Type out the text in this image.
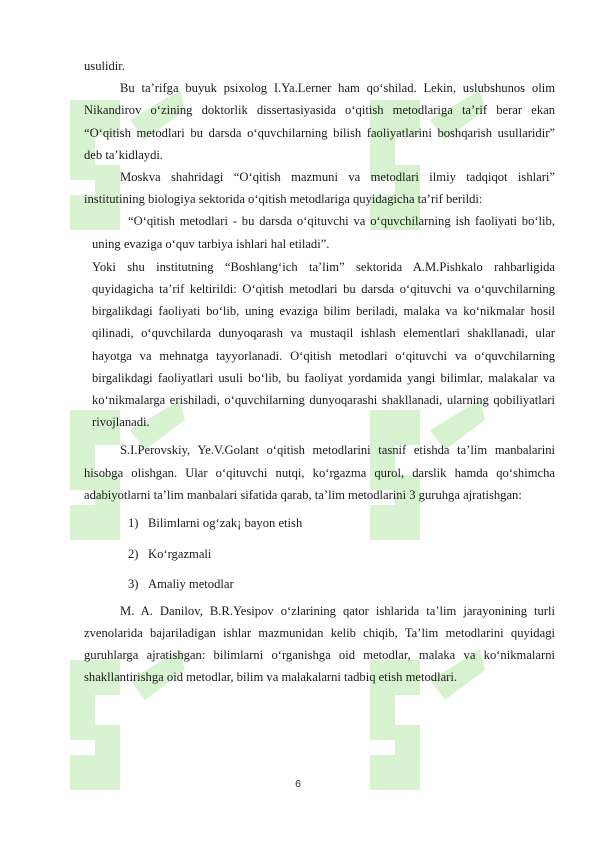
usulidir.

Bu ta’rifga buyuk psixolog I.Ya.Lerner ham qo‘shilad. Lekin, uslubshunos olim Nikandirov o‘zining doktorlik dissertasiyasida o‘qitish metodlariga ta’rif berar ekan “O‘qitish metodlari bu darsda o‘quvchilarning bilish faoliyatlarini boshqarish usullaridir” deb ta’kidlaydi.

Moskva shahridagi “O‘qitish mazmuni va metodlari ilmiy tadqiqot ishlari” institutining biologiya sektorida o‘qitish metodlariga quyidagicha ta’rif berildi:

“O‘qitish metodlari - bu darsda o‘qituvchi va o‘quvchilarning ish faoliyati bo‘lib, uning evaziga o‘quv tarbiya ishlari hal etiladi”.

Yoki shu institutning “Boshlang‘ich ta’lim” sektorida A.M.Pishkalo rahbarligida quyidagicha ta’rif keltirildi: O‘qitish metodlari bu darsda o‘qituvchi va o‘quvchilarning birgalikdagi faoliyati bo‘lib, uning evaziga bilim beriladi, malaka va ko‘nikmalar hosil qilinadi, o‘quvchilarda dunyoqarash va mustaqil ishlash elementlari shakllanadi, ular hayotga va mehnatga tayyorlanadi. O‘qitish metodlari o‘qituvchi va o‘quvchilarning birgalikdagi faoliyatlari usuli bo‘lib, bu faoliyat yordamida yangi bilimlar, malakalar va ko‘nikmalarga erishiladi, o‘quvchilarning dunyoqarashi shakllanadi, ularning qobiliyatlari rivojlanadi.

S.I.Perovskiy, Ye.V.Golant o‘qitish metodlarini tasnif etishda ta’lim manbalarini hisobga olishgan. Ular o‘qituvchi nutqi, ko‘rgazma qurol, darslik hamda qo‘shimcha adabiyotlarni ta’lim manbalari sifatida qarab, ta’lim metodlarini 3 guruhga ajratishgan:

1) Bilimlarni og‘zak¡ bayon etish
2) Ko‘rgazmali
3) Amaliy metodlar

M. A. Danilov, B.R.Yesipov o‘zlarining qator ishlarida ta’lim jarayonining turli zvenolarida bajariladigan ishlar mazmunidan kelib chiqib, Ta’lim metodlarini quyidagi guruhlarga ajratishgan: bilimlarni o‘rganishga oid metodlar, malaka va ko‘nikmalarni shakllantirishga oid metodlar, bilim va malakalarni tadbiq etish metodlari.

6
